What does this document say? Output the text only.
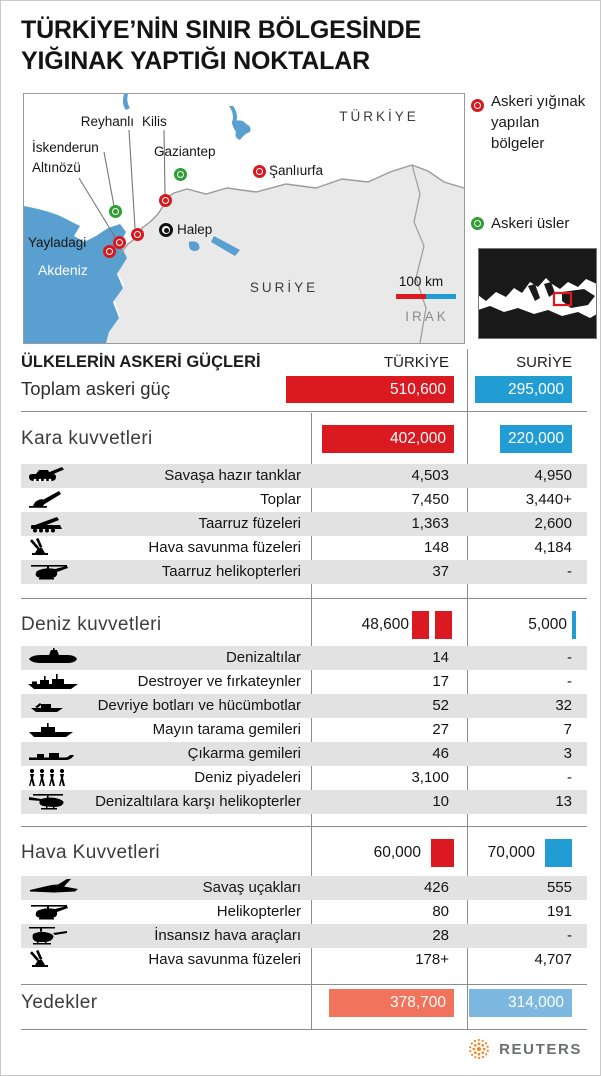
TÜRKİYE’NİN SINIR BÖLGESİNDE
YIĞINAK YAPTIĞI NOKTALAR
TÜRKİYE
SURİYE
IRAK
Akdeniz
100 km
Reyhanlı Kilis
İskenderun
Altınözü
Gaziantep
Şanlıurfa
Halep
Yayladagi
Askeri yığınak yapılan bölgeler
Askeri üsler
ÜLKELERİN ASKERİ GÜÇLERİ	TÜRKİYE	SURİYE
Toplam askeri güç	510,600	295,000
Kara kuvvetleri	402,000	220,000
Savaşa hazır tanklar	4,503	4,950
Toplar	7,450	3,440+
Taarruz füzeleri	1,363	2,600
Hava savunma füzeleri	148	4,184
Taarruz helikopterleri	37	-
Deniz kuvvetleri	48,600	5,000
Denizaltılar	14	-
Destroyer ve fırkateynler	17	-
Devriye botları ve hücümbotlar	52	32
Mayın tarama gemileri	27	7
Çıkarma gemileri	46	3
Deniz piyadeleri	3,100	-
Denizaltılara karşı helikopterler	10	13
Hava Kuvvetleri	60,000	70,000
Savaş uçakları	426	555
Helikopterler	80	191
İnsansız hava araçları	28	-
Hava savunma füzeleri	178+	4,707
Yedekler	378,700	314,000
REUTERS
